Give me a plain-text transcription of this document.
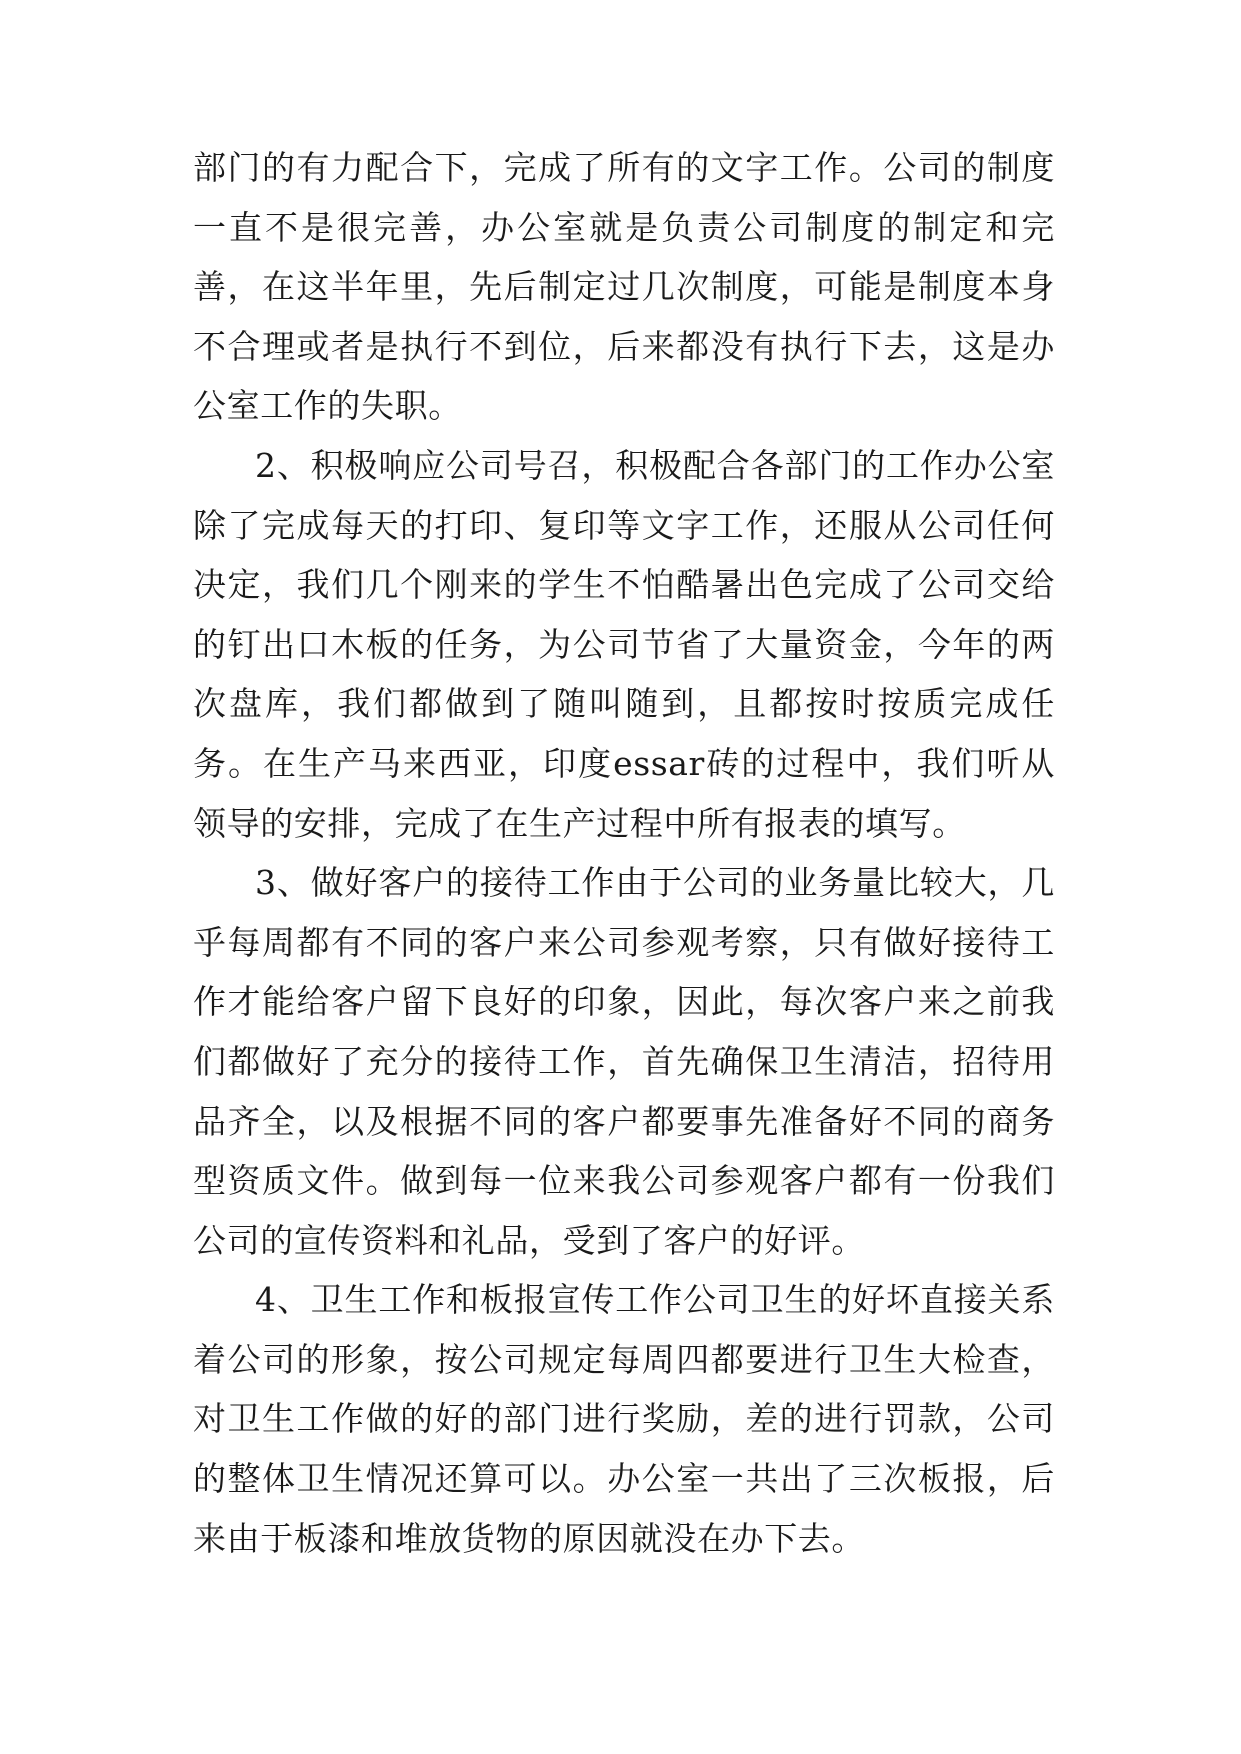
部门的有力配合下，完成了所有的文字工作。公司的制度一直不是很完善，办公室就是负责公司制度的制定和完善，在这半年里，先后制定过几次制度，可能是制度本身不合理或者是执行不到位，后来都没有执行下去，这是办公室工作的失职。

2、积极响应公司号召，积极配合各部门的工作办公室除了完成每天的打印、复印等文字工作，还服从公司任何决定，我们几个刚来的学生不怕酷暑出色完成了公司交给的钉出口木板的任务，为公司节省了大量资金，今年的两次盘库，我们都做到了随叫随到，且都按时按质完成任务。在生产马来西亚，印度essar砖的过程中，我们听从领导的安排，完成了在生产过程中所有报表的填写。

3、做好客户的接待工作由于公司的业务量比较大，几乎每周都有不同的客户来公司参观考察，只有做好接待工作才能给客户留下良好的印象，因此，每次客户来之前我们都做好了充分的接待工作，首先确保卫生清洁，招待用品齐全，以及根据不同的客户都要事先准备好不同的商务型资质文件。做到每一位来我公司参观客户都有一份我们公司的宣传资料和礼品，受到了客户的好评。

4、卫生工作和板报宣传工作公司卫生的好坏直接关系着公司的形象，按公司规定每周四都要进行卫生大检查，对卫生工作做的好的部门进行奖励，差的进行罚款，公司的整体卫生情况还算可以。办公室一共出了三次板报，后来由于板漆和堆放货物的原因就没在办下去。
